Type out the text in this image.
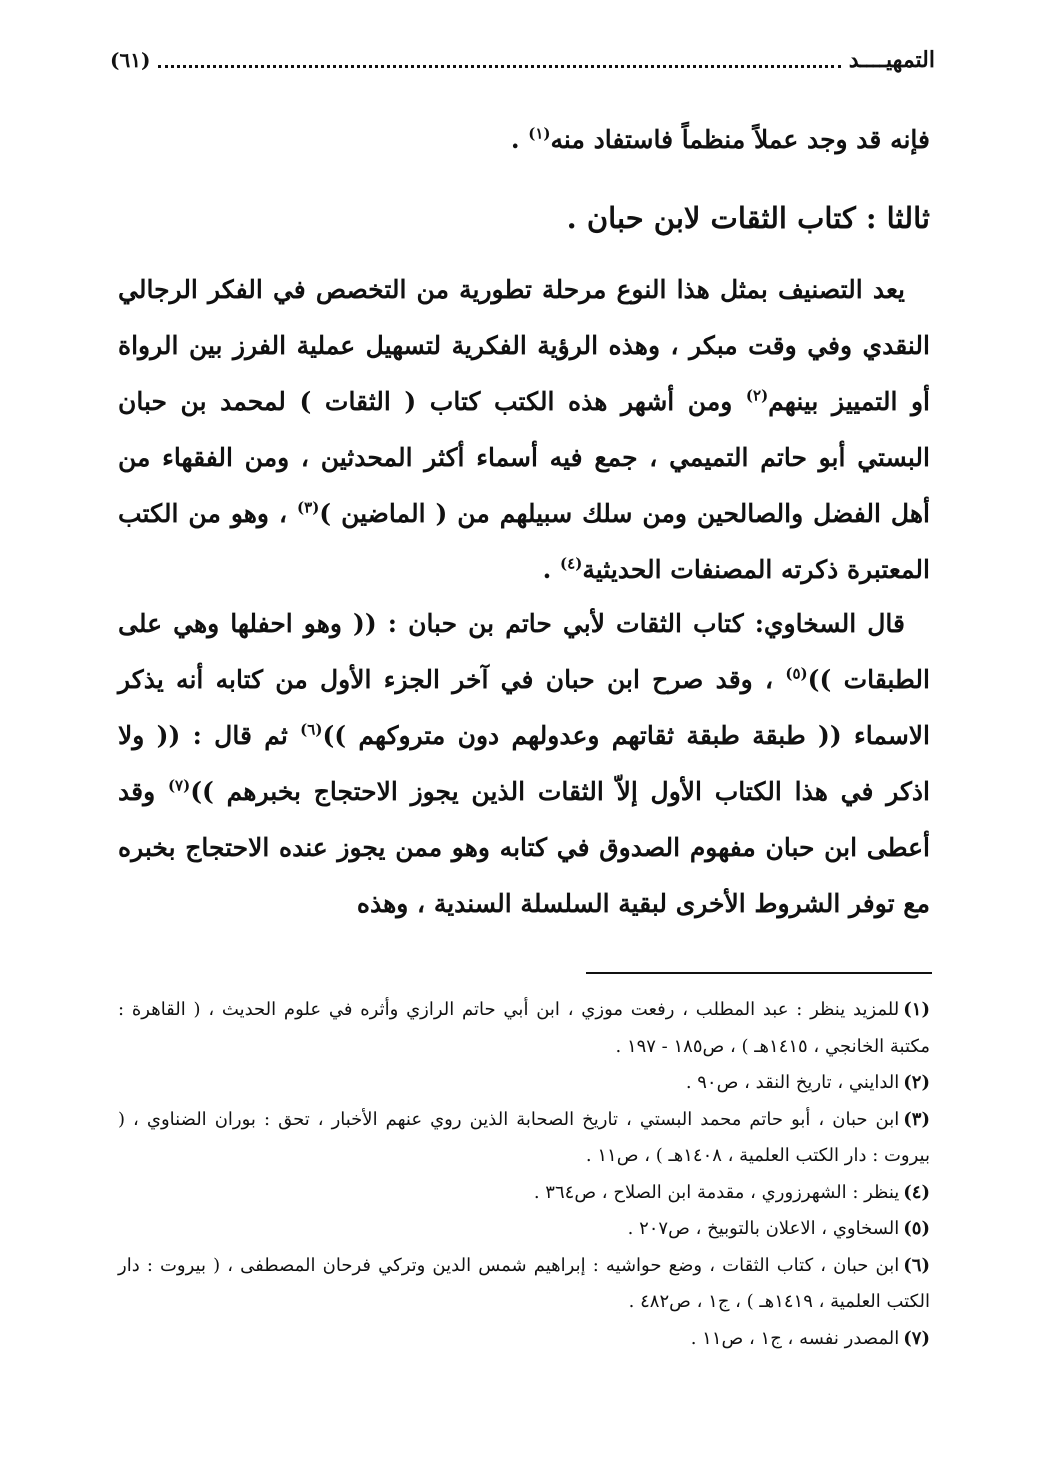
التمهيــــد
(٦١)
فإنه قد وجد عملاً منظماً فاستفاد منه$^{(١)}$ .
ثالثا : كتاب الثقات لابن حبان .

يعد التصنيف بمثل هذا النوع مرحلة تطورية من التخصص في الفكر الرجالي النقدي وفي وقت مبكر ، وهذه الرؤية الفكرية لتسهيل عملية الفرز بين الرواة أو التمييز بينهم$^{(٢)}$ ومن أشهر هذه الكتب كتاب ( الثقات ) لمحمد بن حبان البستي أبو حاتم التميمي ، جمع فيه أسماء أكثر المحدثين ، ومن الفقهاء من أهل الفضل والصالحين ومن سلك سبيلهم من ( الماضين )$^{(٣)}$ ، وهو من الكتب المعتبرة ذكرته المصنفات الحديثية$^{(٤)}$ .

قال السخاوي: كتاب الثقات لأبي حاتم بن حبان : (( وهو احفلها وهي على الطبقات ))$^{(٥)}$ ، وقد صرح ابن حبان في آخر الجزء الأول من كتابه أنه يذكر الاسماء (( طبقة طبقة ثقاتهم وعدولهم دون متروكهم ))$^{(٦)}$ ثم قال : (( ولا اذكر في هذا الكتاب الأول إلاّ الثقات الذين يجوز الاحتجاج بخبرهم ))$^{(٧)}$ وقد أعطى ابن حبان مفهوم الصدوق في كتابه وهو ممن يجوز عنده الاحتجاج بخبره مع توفر الشروط الأخرى لبقية السلسلة السندية ، وهذه

(١)للمزيد ينظر : عبد المطلب ، رفعت موزي ، ابن أبي حاتم الرازي وأثره في علوم الحديث ، ( القاهرة : مكتبة الخانجي ، ١٤١٥هـ ) ، ص١٨٥ - ١٩٧ .
(٢)الدايني ، تاريخ النقد ، ص٩٠ .
(٣)ابن حبان ، أبو حاتم محمد البستي ، تاريخ الصحابة الذين روي عنهم الأخبار ، تحق : بوران الضناوي ، ( بيروت : دار الكتب العلمية ، ١٤٠٨هـ ) ، ص١١ .
(٤)ينظر : الشهرزوري ، مقدمة ابن الصلاح ، ص٣٦٤ .
(٥)السخاوي ، الاعلان بالتوبيخ ، ص٢٠٧ .
(٦)ابن حبان ، كتاب الثقات ، وضع حواشيه : إبراهيم شمس الدين وتركي فرحان المصطفى ، ( بيروت : دار الكتب العلمية ، ١٤١٩هـ ) ، ج١ ، ص٤٨٢ .
(٧)المصدر نفسه ، ج١ ، ص١١ .
